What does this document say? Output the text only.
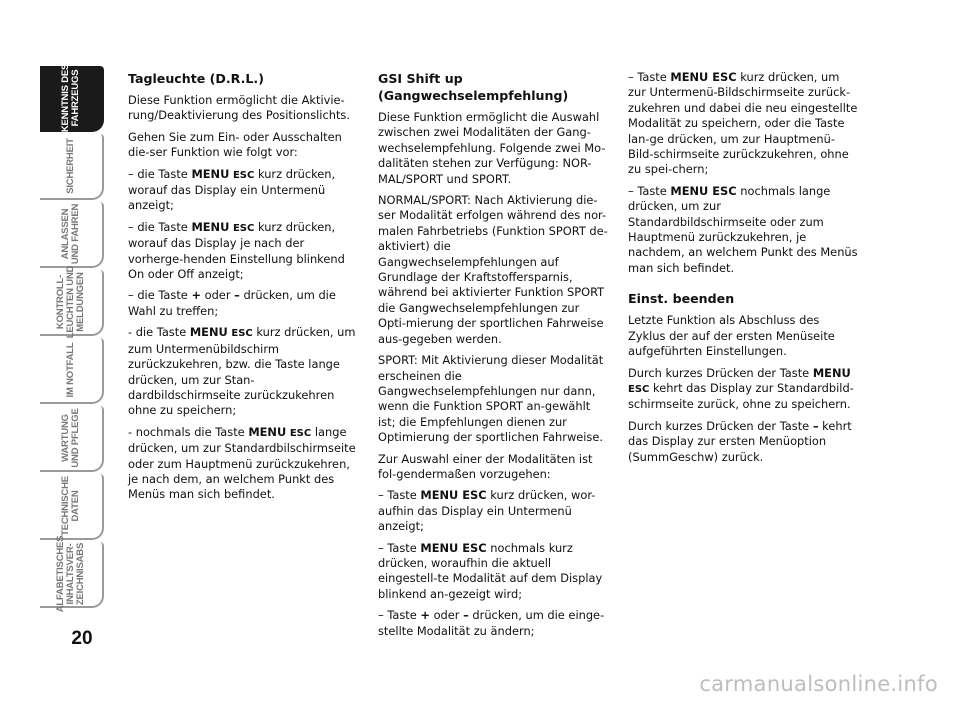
KENNTNIS DES
FAHRZEUGS
SICHERHEIT
ANLASSEN
UND FAHREN
KONTROLL-
LEUCHTEN UND
MELDUNGEN
IM NOTFALL
WARTUNG
UND PFLEGE
TECHNISCHE
DATEN
ALFABETISCHES
INHALTSVER-
ZEICHNISABS
20
Tagleuchte (D.R.L.)

Diese Funktion ermöglicht die Aktivie-rung/Deaktivierung des Positionslichts.

Gehen Sie zum Ein- oder Ausschalten die-ser Funktion wie folgt vor:

– die Taste MENU ESC kurz drücken, worauf das Display ein Untermenü anzeigt;

– die Taste MENU ESC kurz drücken, worauf das Display je nach der vorherge-henden Einstellung blinkend On oder Off anzeigt;

– die Taste + oder – drücken, um die Wahl zu treffen;

- die Taste MENU ESC kurz drücken, um zum Untermenübildschirm zurückzukehren, bzw. die Taste lange drücken, um zur Stan-dardbildschirmseite zurückzukehren ohne zu speichern;

- nochmals die Taste MENU ESC lange drücken, um zur Standardbilschirmseite oder zum Hauptmenü zurückzukehren, je nach dem, an welchem Punkt des Menüs man sich befindet.

GSI Shift up (Gangwechselempfehlung)

Diese Funktion ermöglicht die Auswahl zwischen zwei Modalitäten der Gang-wechselempfehlung. Folgende zwei Mo-dalitäten stehen zur Verfügung: NOR-MAL/SPORT und SPORT.

NORMAL/SPORT: Nach Aktivierung die-ser Modalität erfolgen während des nor-malen Fahrbetriebs (Funktion SPORT de-aktiviert) die Gangwechselempfehlungen auf Grundlage der Kraftstoffersparnis, während bei aktivierter Funktion SPORT die Gangwechselempfehlungen zur Opti-mierung der sportlichen Fahrweise aus-gegeben werden.

SPORT: Mit Aktivierung dieser Modalität erscheinen die Gangwechselempfehlungen nur dann, wenn die Funktion SPORT an-gewählt ist; die Empfehlungen dienen zur Optimierung der sportlichen Fahrweise.

Zur Auswahl einer der Modalitäten ist fol-gendermaßen vorzugehen:

– Taste MENU ESC kurz drücken, wor-aufhin das Display ein Untermenü anzeigt;

– Taste MENU ESC nochmals kurz drücken, woraufhin die aktuell eingestell-te Modalität auf dem Display blinkend an-gezeigt wird;

– Taste + oder – drücken, um die einge-stellte Modalität zu ändern;

– Taste MENU ESC kurz drücken, um zur Untermenü-Bildschirmseite zurück-zukehren und dabei die neu eingestellte Modalität zu speichern, oder die Taste lan-ge drücken, um zur Hauptmenü-Bild-schirmseite zurückzukehren, ohne zu spei-chern;

– Taste MENU ESC nochmals lange drücken, um zur Standardbildschirmseite oder zum Hauptmenü zurückzukehren, je nachdem, an welchem Punkt des Menüs man sich befindet.

Einst. beenden

Letzte Funktion als Abschluss des Zyklus der auf der ersten Menüseite aufgeführten Einstellungen.

Durch kurzes Drücken der Taste MENU ESC kehrt das Display zur Standardbild-schirmseite zurück, ohne zu speichern.

Durch kurzes Drücken der Taste – kehrt das Display zur ersten Menüoption (SummGeschw) zurück.

carmanualsonline.info
